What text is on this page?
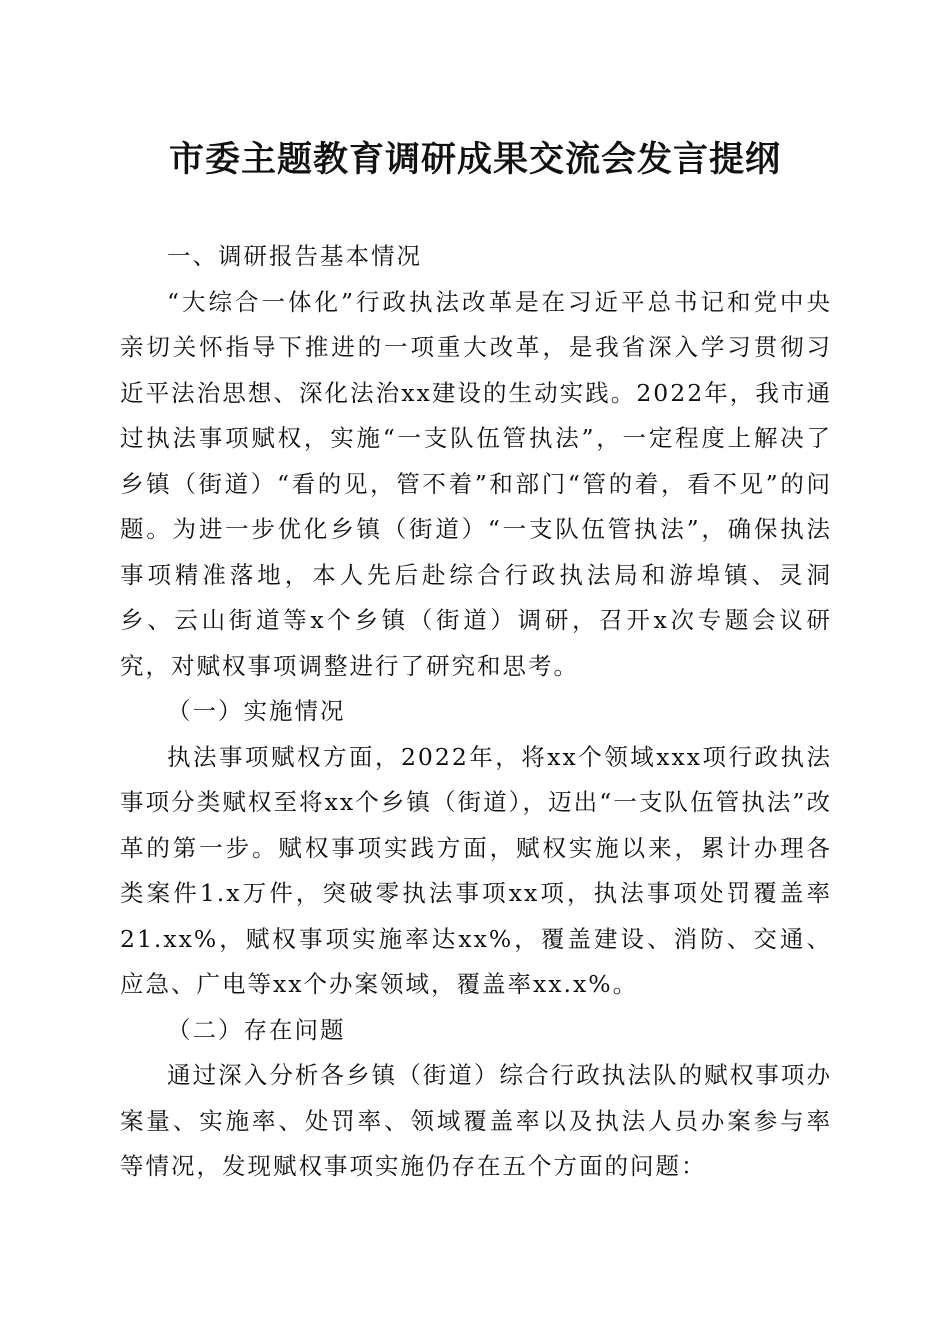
市委主题教育调研成果交流会发言提纲
一、调研报告基本情况

“大综合一体化”行政执法改革是在习近平总书记和党中央亲切关怀指导下推进的一项重大改革，是我省深入学习贯彻习近平法治思想、深化法治xx建设的生动实践。2022年，我市通过执法事项赋权，实施“一支队伍管执法”，一定程度上解决了乡镇（街道）“看的见，管不着”和部门“管的着，看不见”的问题。为进一步优化乡镇（街道）“一支队伍管执法”，确保执法事项精准落地，本人先后赴综合行政执法局和游埠镇、灵洞乡、云山街道等x个乡镇（街道）调研，召开x次专题会议研究，对赋权事项调整进行了研究和思考。

（一）实施情况

执法事项赋权方面，2022年，将xx个领域xxx项行政执法事项分类赋权至将xx个乡镇（街道），迈出“一支队伍管执法”改革的第一步。赋权事项实践方面，赋权实施以来，累计办理各类案件1.x万件，突破零执法事项xx项，执法事项处罚覆盖率21.xx%，赋权事项实施率达xx%，覆盖建设、消防、交通、应急、广电等xx个办案领域，覆盖率xx.x%。

（二）存在问题

通过深入分析各乡镇（街道）综合行政执法队的赋权事项办案量、实施率、处罚率、领域覆盖率以及执法人员办案参与率等情况，发现赋权事项实施仍存在五个方面的问题：
